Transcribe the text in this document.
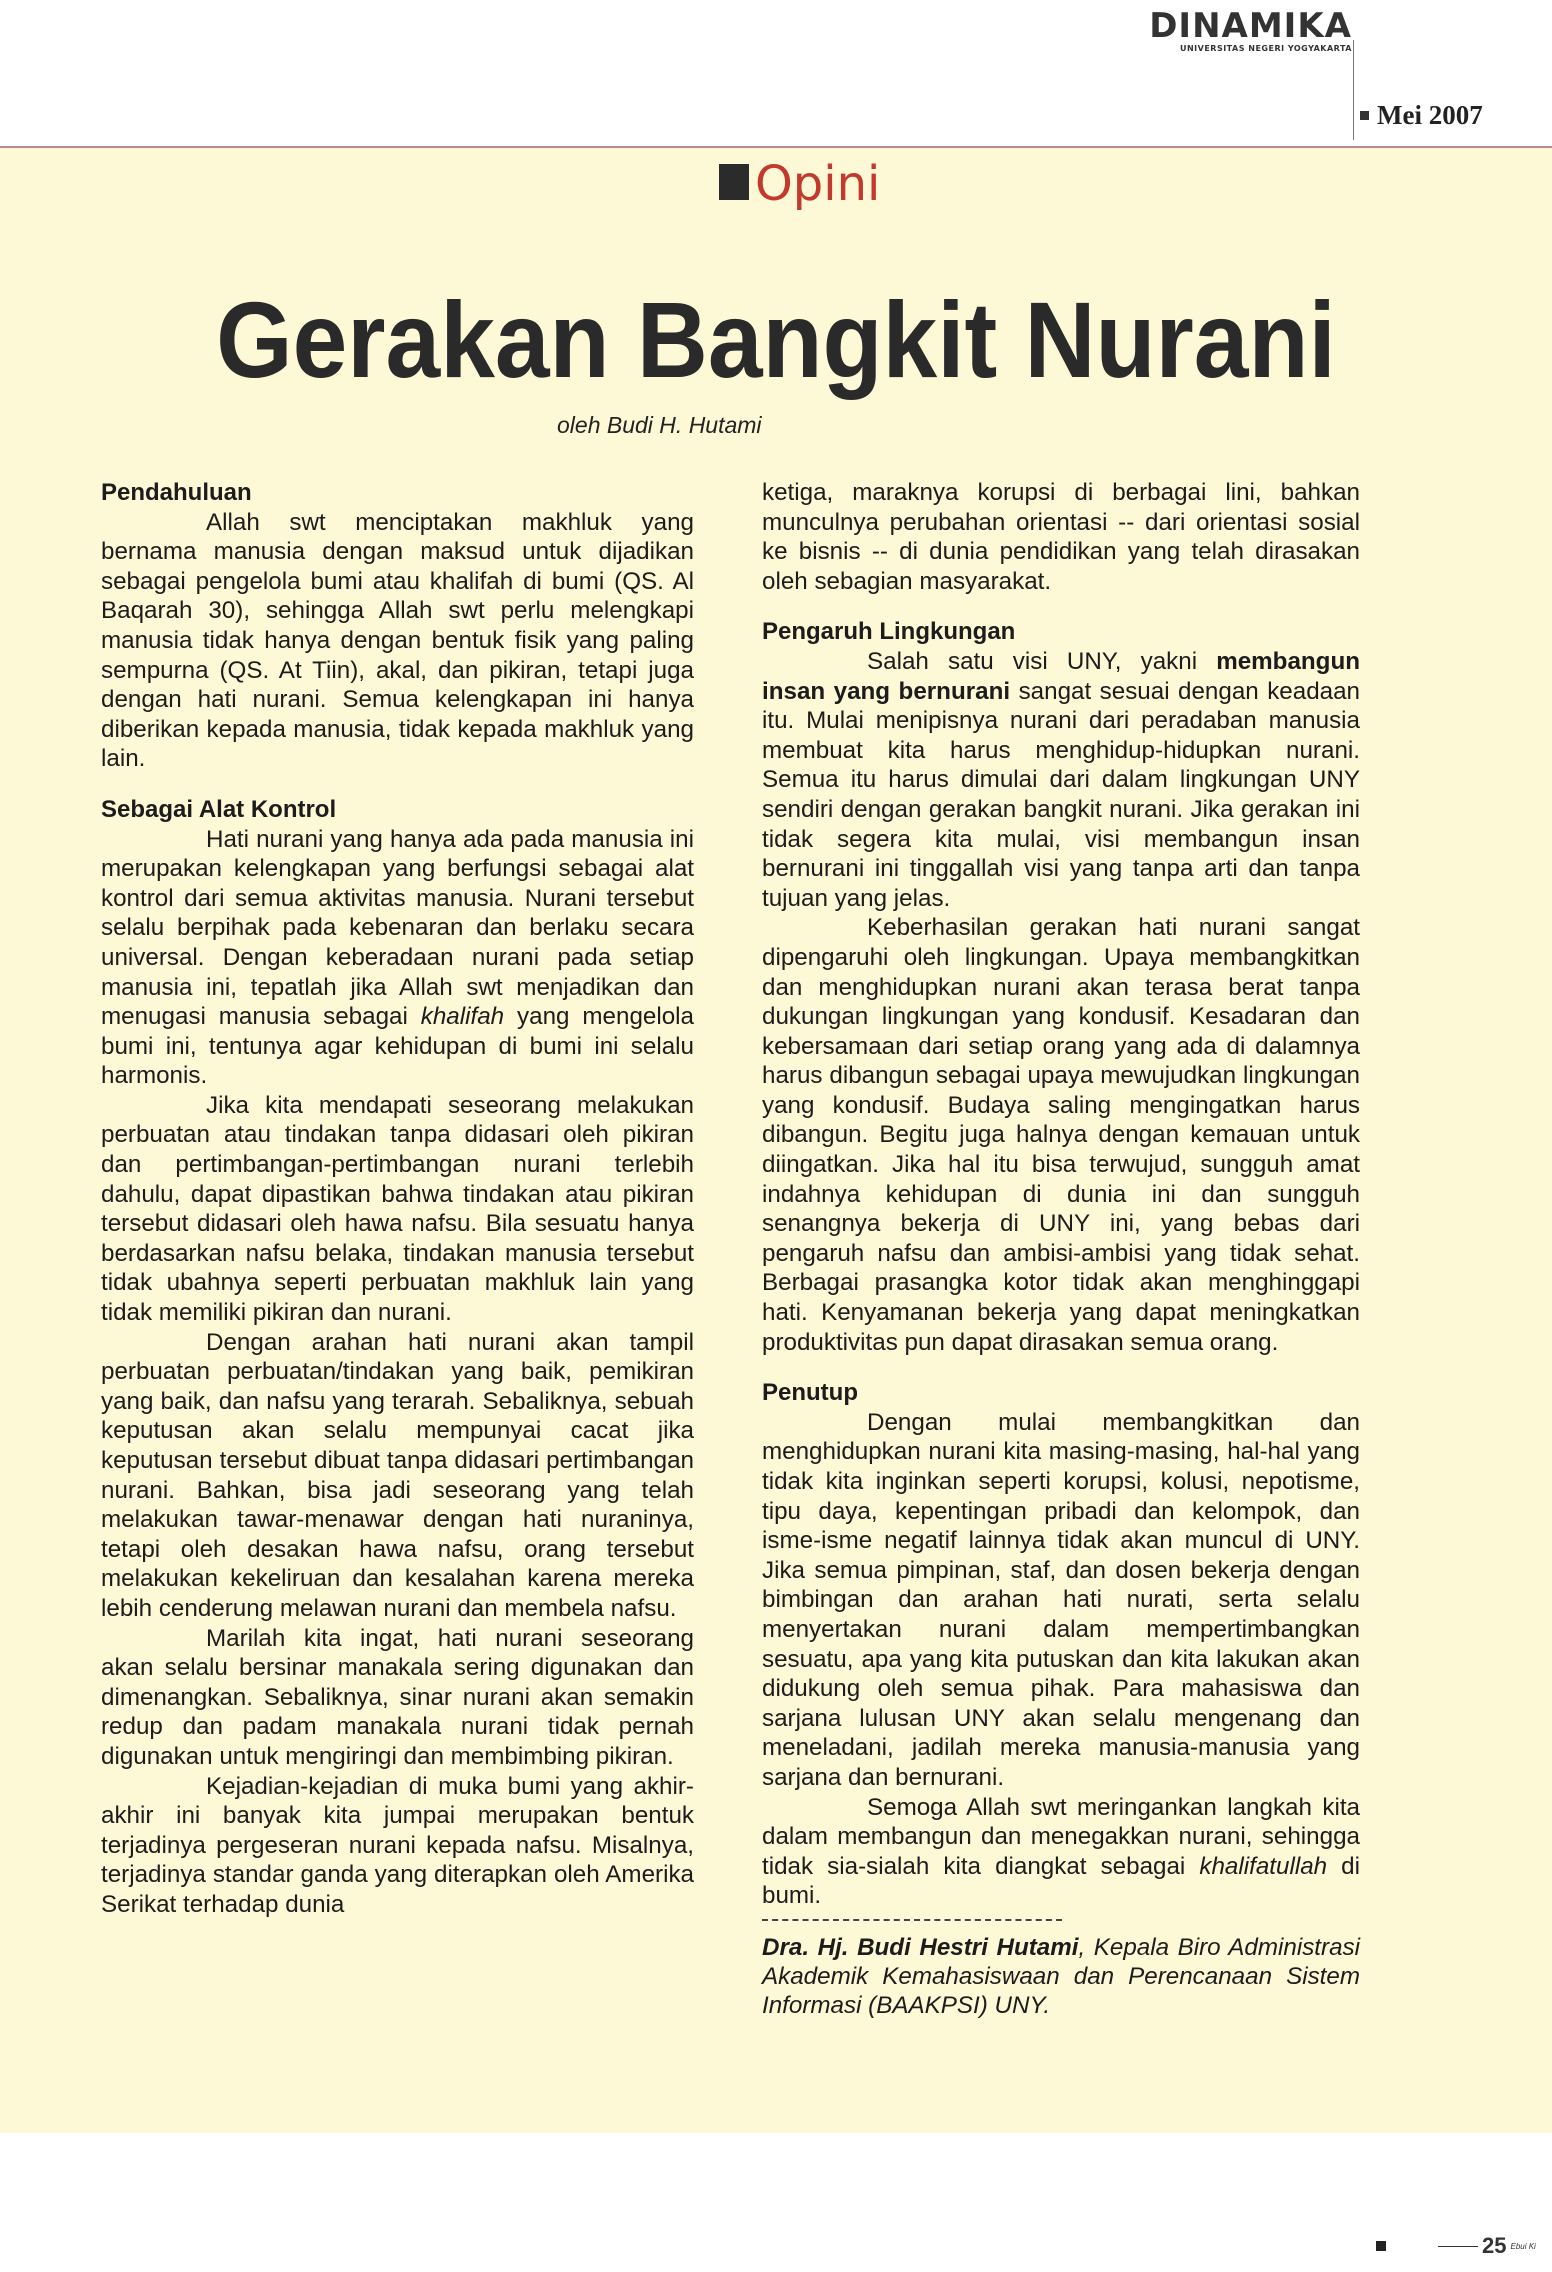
DINAMIKA
UNIVERSITAS NEGERI YOGYAKARTA
Mei 2007
Opini
Gerakan Bangkit Nurani
oleh Budi H. Hutami
Pendahuluan

Allah swt menciptakan makhluk yang bernama manusia dengan maksud untuk dijadikan sebagai pengelola bumi atau khalifah di bumi (QS. Al Baqarah 30), sehingga Allah swt perlu melengkapi manusia tidak hanya dengan bentuk fisik yang paling sempurna (QS. At Tiin), akal, dan pikiran, tetapi juga dengan hati nurani. Semua kelengkapan ini hanya diberikan kepada manusia, tidak kepada makhluk yang lain.

Sebagai Alat Kontrol

Hati nurani yang hanya ada pada manusia ini merupakan kelengkapan yang berfungsi sebagai alat kontrol dari semua aktivitas manusia. Nurani tersebut selalu berpihak pada kebenaran dan berlaku secara universal. Dengan keberadaan nurani pada setiap manusia ini, tepatlah jika Allah swt menjadikan dan menugasi manusia sebagai khalifah yang mengelola bumi ini, tentunya agar kehidupan di bumi ini selalu harmonis.

Jika kita mendapati seseorang melakukan perbuatan atau tindakan tanpa didasari oleh pikiran dan pertimbangan-pertimbangan nurani terlebih dahulu, dapat dipastikan bahwa tindakan atau pikiran tersebut didasari oleh hawa nafsu. Bila sesuatu hanya berdasarkan nafsu belaka, tindakan manusia tersebut tidak ubahnya seperti perbuatan makhluk lain yang tidak memiliki pikiran dan nurani.

Dengan arahan hati nurani akan tampil perbuatan perbuatan/tindakan yang baik, pemikiran yang baik, dan nafsu yang terarah. Sebaliknya, sebuah keputusan akan selalu mempunyai cacat jika keputusan tersebut dibuat tanpa didasari pertimbangan nurani. Bahkan, bisa jadi seseorang yang telah melakukan tawar-menawar dengan hati nuraninya, tetapi oleh desakan hawa nafsu, orang tersebut melakukan kekeliruan dan kesalahan karena mereka lebih cenderung melawan nurani dan membela nafsu.

Marilah kita ingat, hati nurani seseorang akan selalu bersinar manakala sering digunakan dan dimenangkan. Sebaliknya, sinar nurani akan semakin redup dan padam manakala nurani tidak pernah digunakan untuk mengiringi dan membimbing pikiran.

Kejadian-kejadian di muka bumi yang akhir-akhir ini banyak kita jumpai merupakan bentuk terjadinya pergeseran nurani kepada nafsu. Misalnya, terjadinya standar ganda yang diterapkan oleh Amerika Serikat terhadap dunia

ketiga, maraknya korupsi di berbagai lini, bahkan munculnya perubahan orientasi -- dari orientasi sosial ke bisnis -- di dunia pendidikan yang telah dirasakan oleh sebagian masyarakat.

Pengaruh Lingkungan

Salah satu visi UNY, yakni membangun insan yang bernurani sangat sesuai dengan keadaan itu. Mulai menipisnya nurani dari peradaban manusia membuat kita harus menghidup-hidupkan nurani. Semua itu harus dimulai dari dalam lingkungan UNY sendiri dengan gerakan bangkit nurani. Jika gerakan ini tidak segera kita mulai, visi membangun insan bernurani ini tinggallah visi yang tanpa arti dan tanpa tujuan yang jelas.

Keberhasilan gerakan hati nurani sangat dipengaruhi oleh lingkungan. Upaya membangkitkan dan menghidupkan nurani akan terasa berat tanpa dukungan lingkungan yang kondusif. Kesadaran dan kebersamaan dari setiap orang yang ada di dalamnya harus dibangun sebagai upaya mewujudkan lingkungan yang kondusif. Budaya saling mengingatkan harus dibangun. Begitu juga halnya dengan kemauan untuk diingatkan. Jika hal itu bisa terwujud, sungguh amat indahnya kehidupan di dunia ini dan sungguh senangnya bekerja di UNY ini, yang bebas dari pengaruh nafsu dan ambisi-ambisi yang tidak sehat. Berbagai prasangka kotor tidak akan menghinggapi hati. Kenyamanan bekerja yang dapat meningkatkan produktivitas pun dapat dirasakan semua orang.

Penutup

Dengan mulai membangkitkan dan menghidupkan nurani kita masing-masing, hal-hal yang tidak kita inginkan seperti korupsi, kolusi, nepotisme, tipu daya, kepentingan pribadi dan kelompok, dan isme-isme negatif lainnya tidak akan muncul di UNY. Jika semua pimpinan, staf, dan dosen bekerja dengan bimbingan dan arahan hati nurati, serta selalu menyertakan nurani dalam mempertimbangkan sesuatu, apa yang kita putuskan dan kita lakukan akan didukung oleh semua pihak. Para mahasiswa dan sarjana lulusan UNY akan selalu mengenang dan meneladani, jadilah mereka manusia-manusia yang sarjana dan bernurani.

Semoga Allah swt meringankan langkah kita dalam membangun dan menegakkan nurani, sehingga tidak sia-sialah kita diangkat sebagai khalifatullah di bumi.

Dra. Hj. Budi Hestri Hutami, Kepala Biro Administrasi Akademik Kemahasiswaan dan Perencanaan Sistem Informasi (BAAKPSI) UNY.
25 Ebui Ki
